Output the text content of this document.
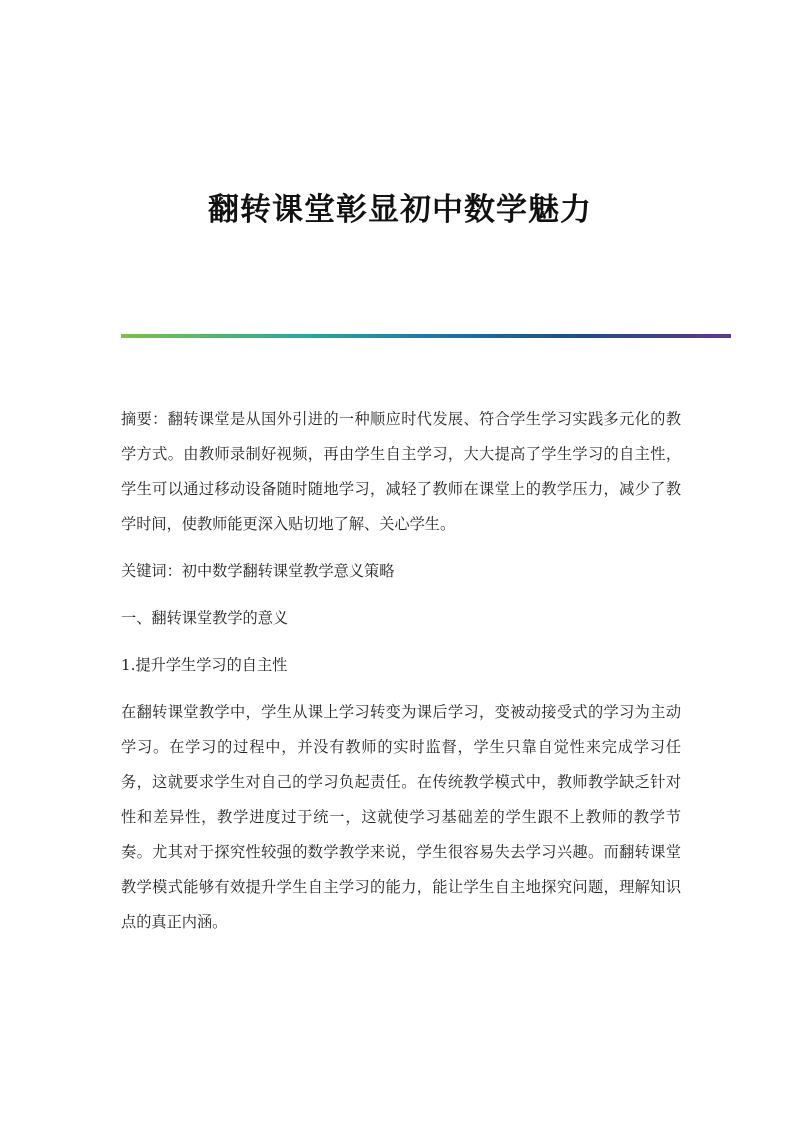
翻转课堂彰显初中数学魅力

摘要：翻转课堂是从国外引进的一种顺应时代发展、符合学生学习实践多元化的教学方式。由教师录制好视频，再由学生自主学习，大大提高了学生学习的自主性，学生可以通过移动设备随时随地学习，减轻了教师在课堂上的教学压力，减少了教学时间，使教师能更深入贴切地了解、关心学生。

关键词：初中数学翻转课堂教学意义策略

一、翻转课堂教学的意义

1.提升学生学习的自主性

在翻转课堂教学中，学生从课上学习转变为课后学习，变被动接受式的学习为主动学习。在学习的过程中，并没有教师的实时监督，学生只靠自觉性来完成学习任务，这就要求学生对自己的学习负起责任。在传统教学模式中，教师教学缺乏针对性和差异性，教学进度过于统一，这就使学习基础差的学生跟不上教师的教学节奏。尤其对于探究性较强的数学教学来说，学生很容易失去学习兴趣。而翻转课堂教学模式能够有效提升学生自主学习的能力，能让学生自主地探究问题，理解知识点的真正内涵。
